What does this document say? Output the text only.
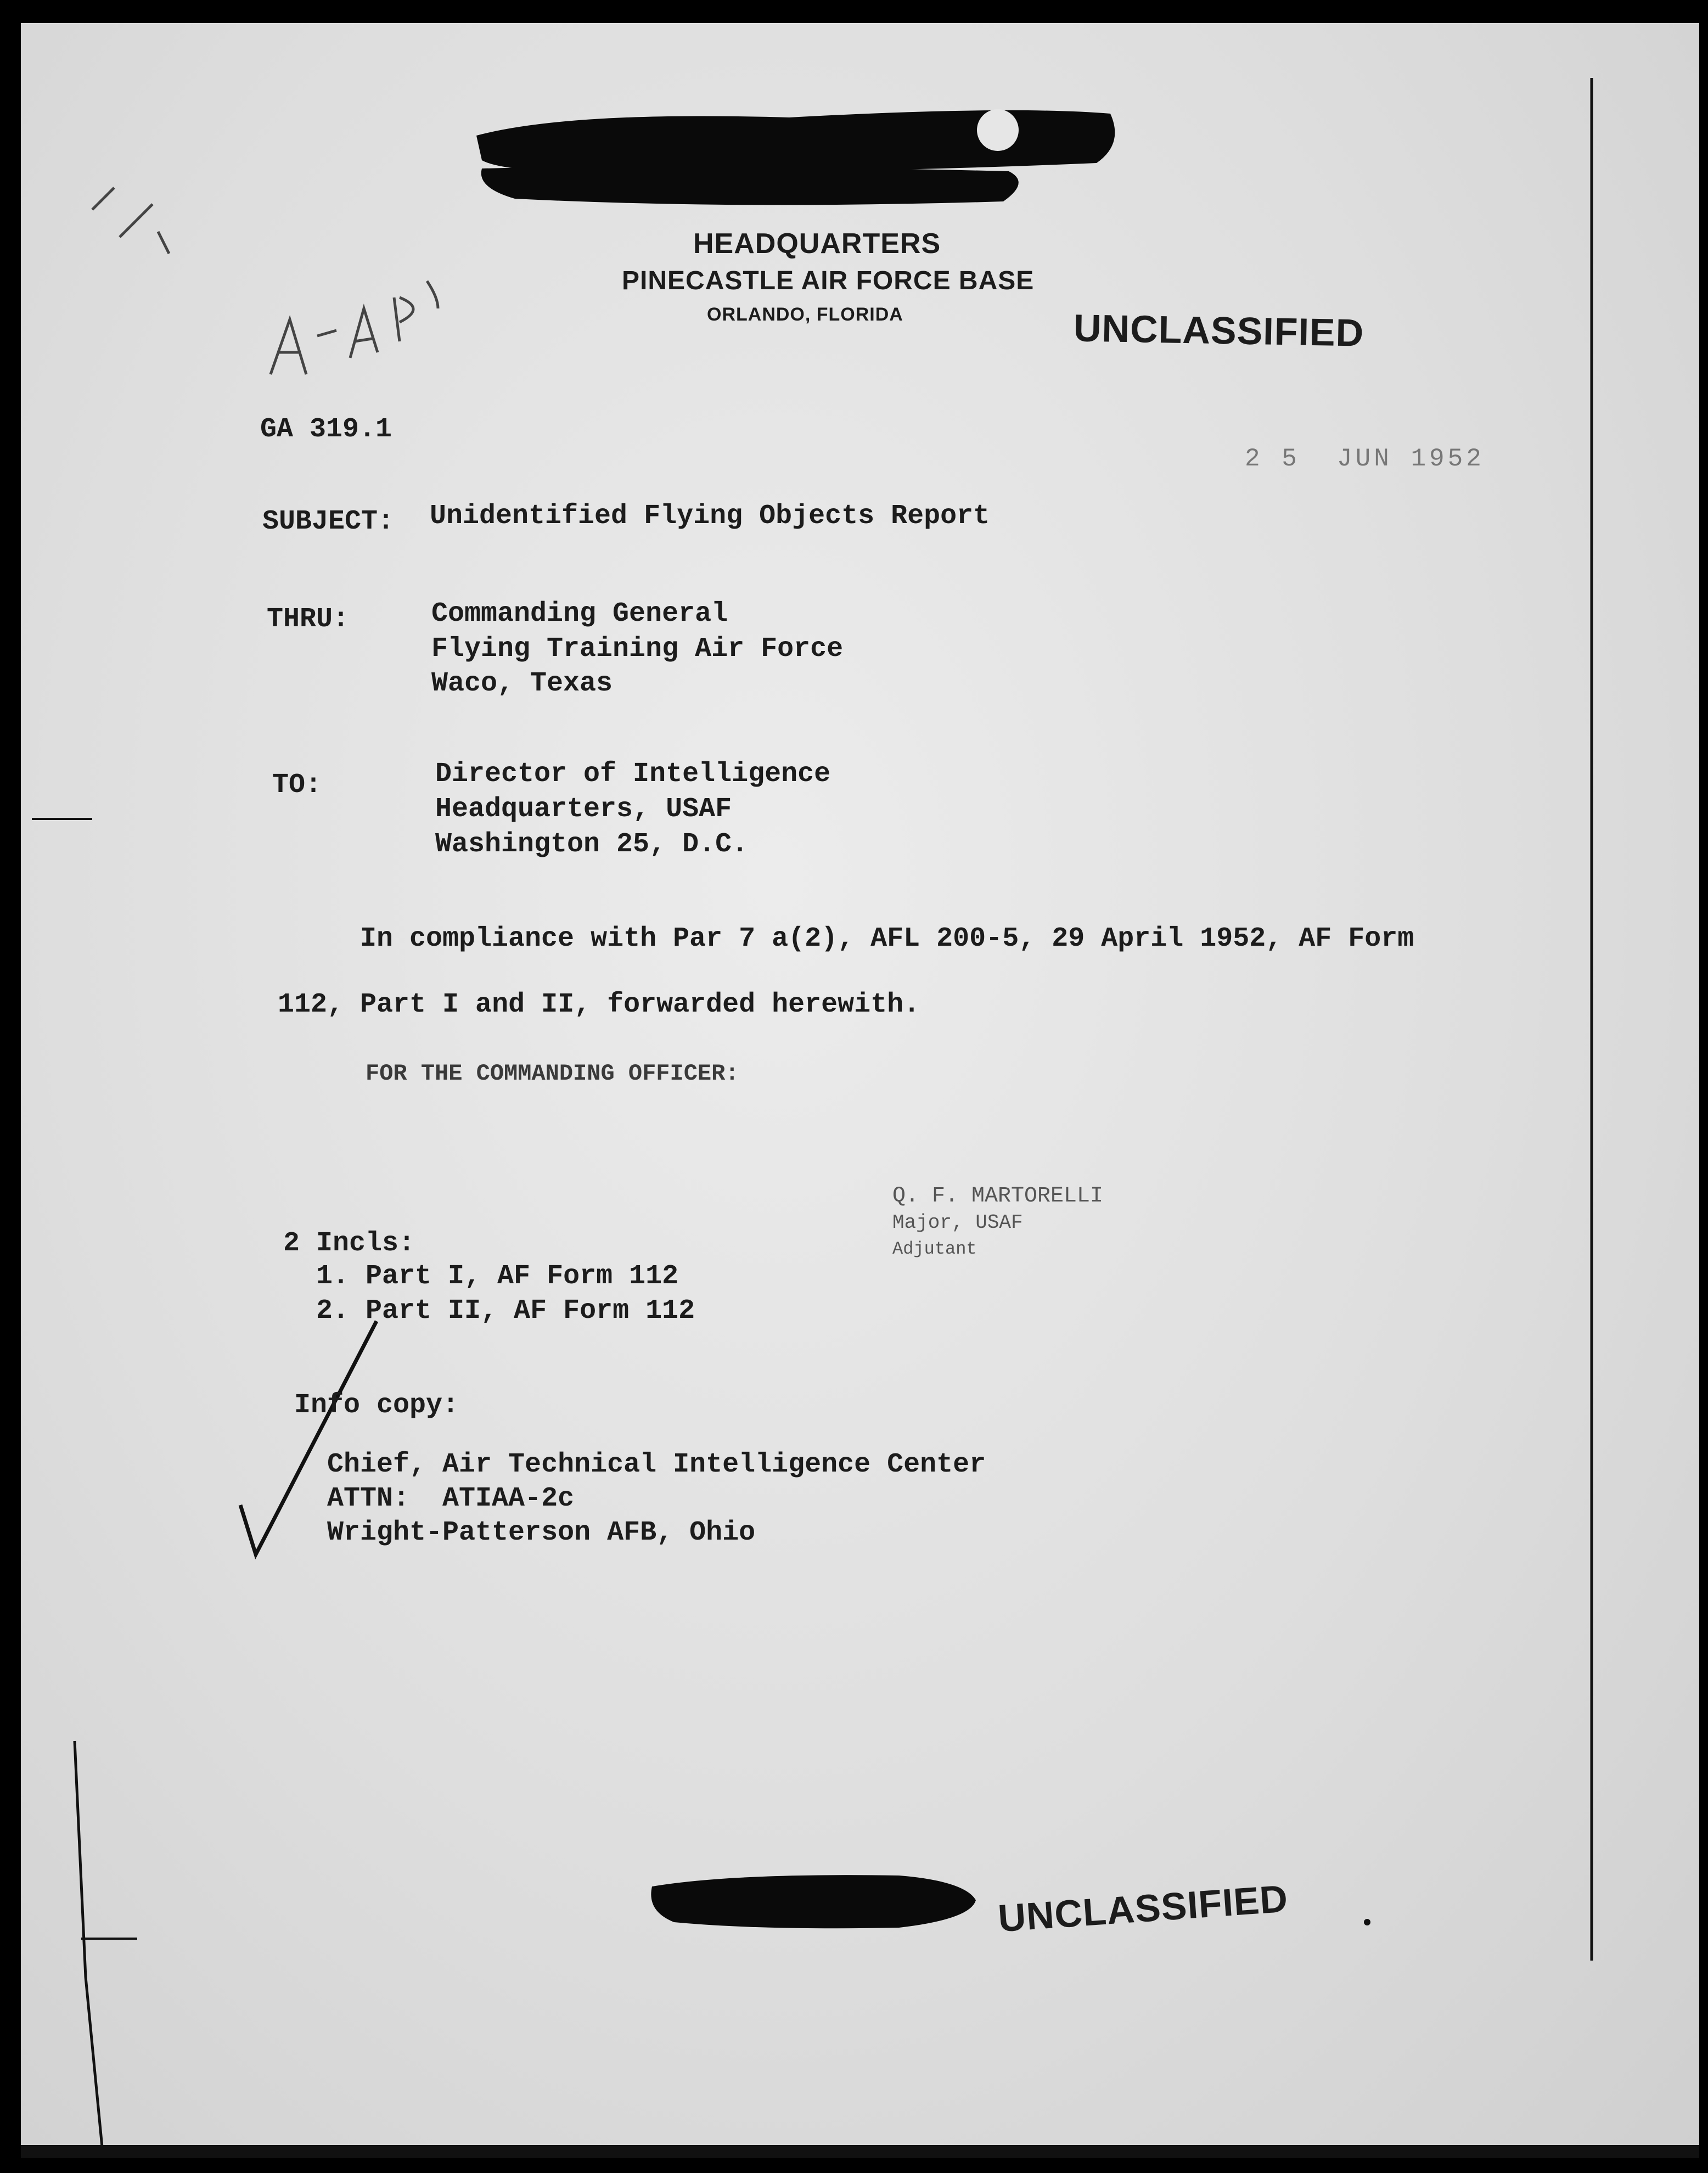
HEADQUARTERS
PINECASTLE AIR FORCE BASE
ORLANDO, FLORIDA	UNCLASSIFIED
GA 319.1
2 5  JUN 1952
SUBJECT: Unidentified Flying Objects Report
THRU:	Commanding General
Flying Training Air Force
Waco, Texas
TO:	Director of Intelligence
Headquarters, USAF
Washington 25, D.C.
In compliance with Par 7 a(2), AFL 200-5, 29 April 1952, AF Form
112, Part I and II, forwarded herewith.
FOR THE COMMANDING OFFICER:
Q. F. MARTORELLI
Major, USAF
Adjutant
2 Incls:
1. Part I, AF Form 112
2. Part II, AF Form 112
Info copy:
Chief, Air Technical Intelligence Center
ATTN:  ATIAA-2c
Wright-Patterson AFB, Ohio
UNCLASSIFIED
